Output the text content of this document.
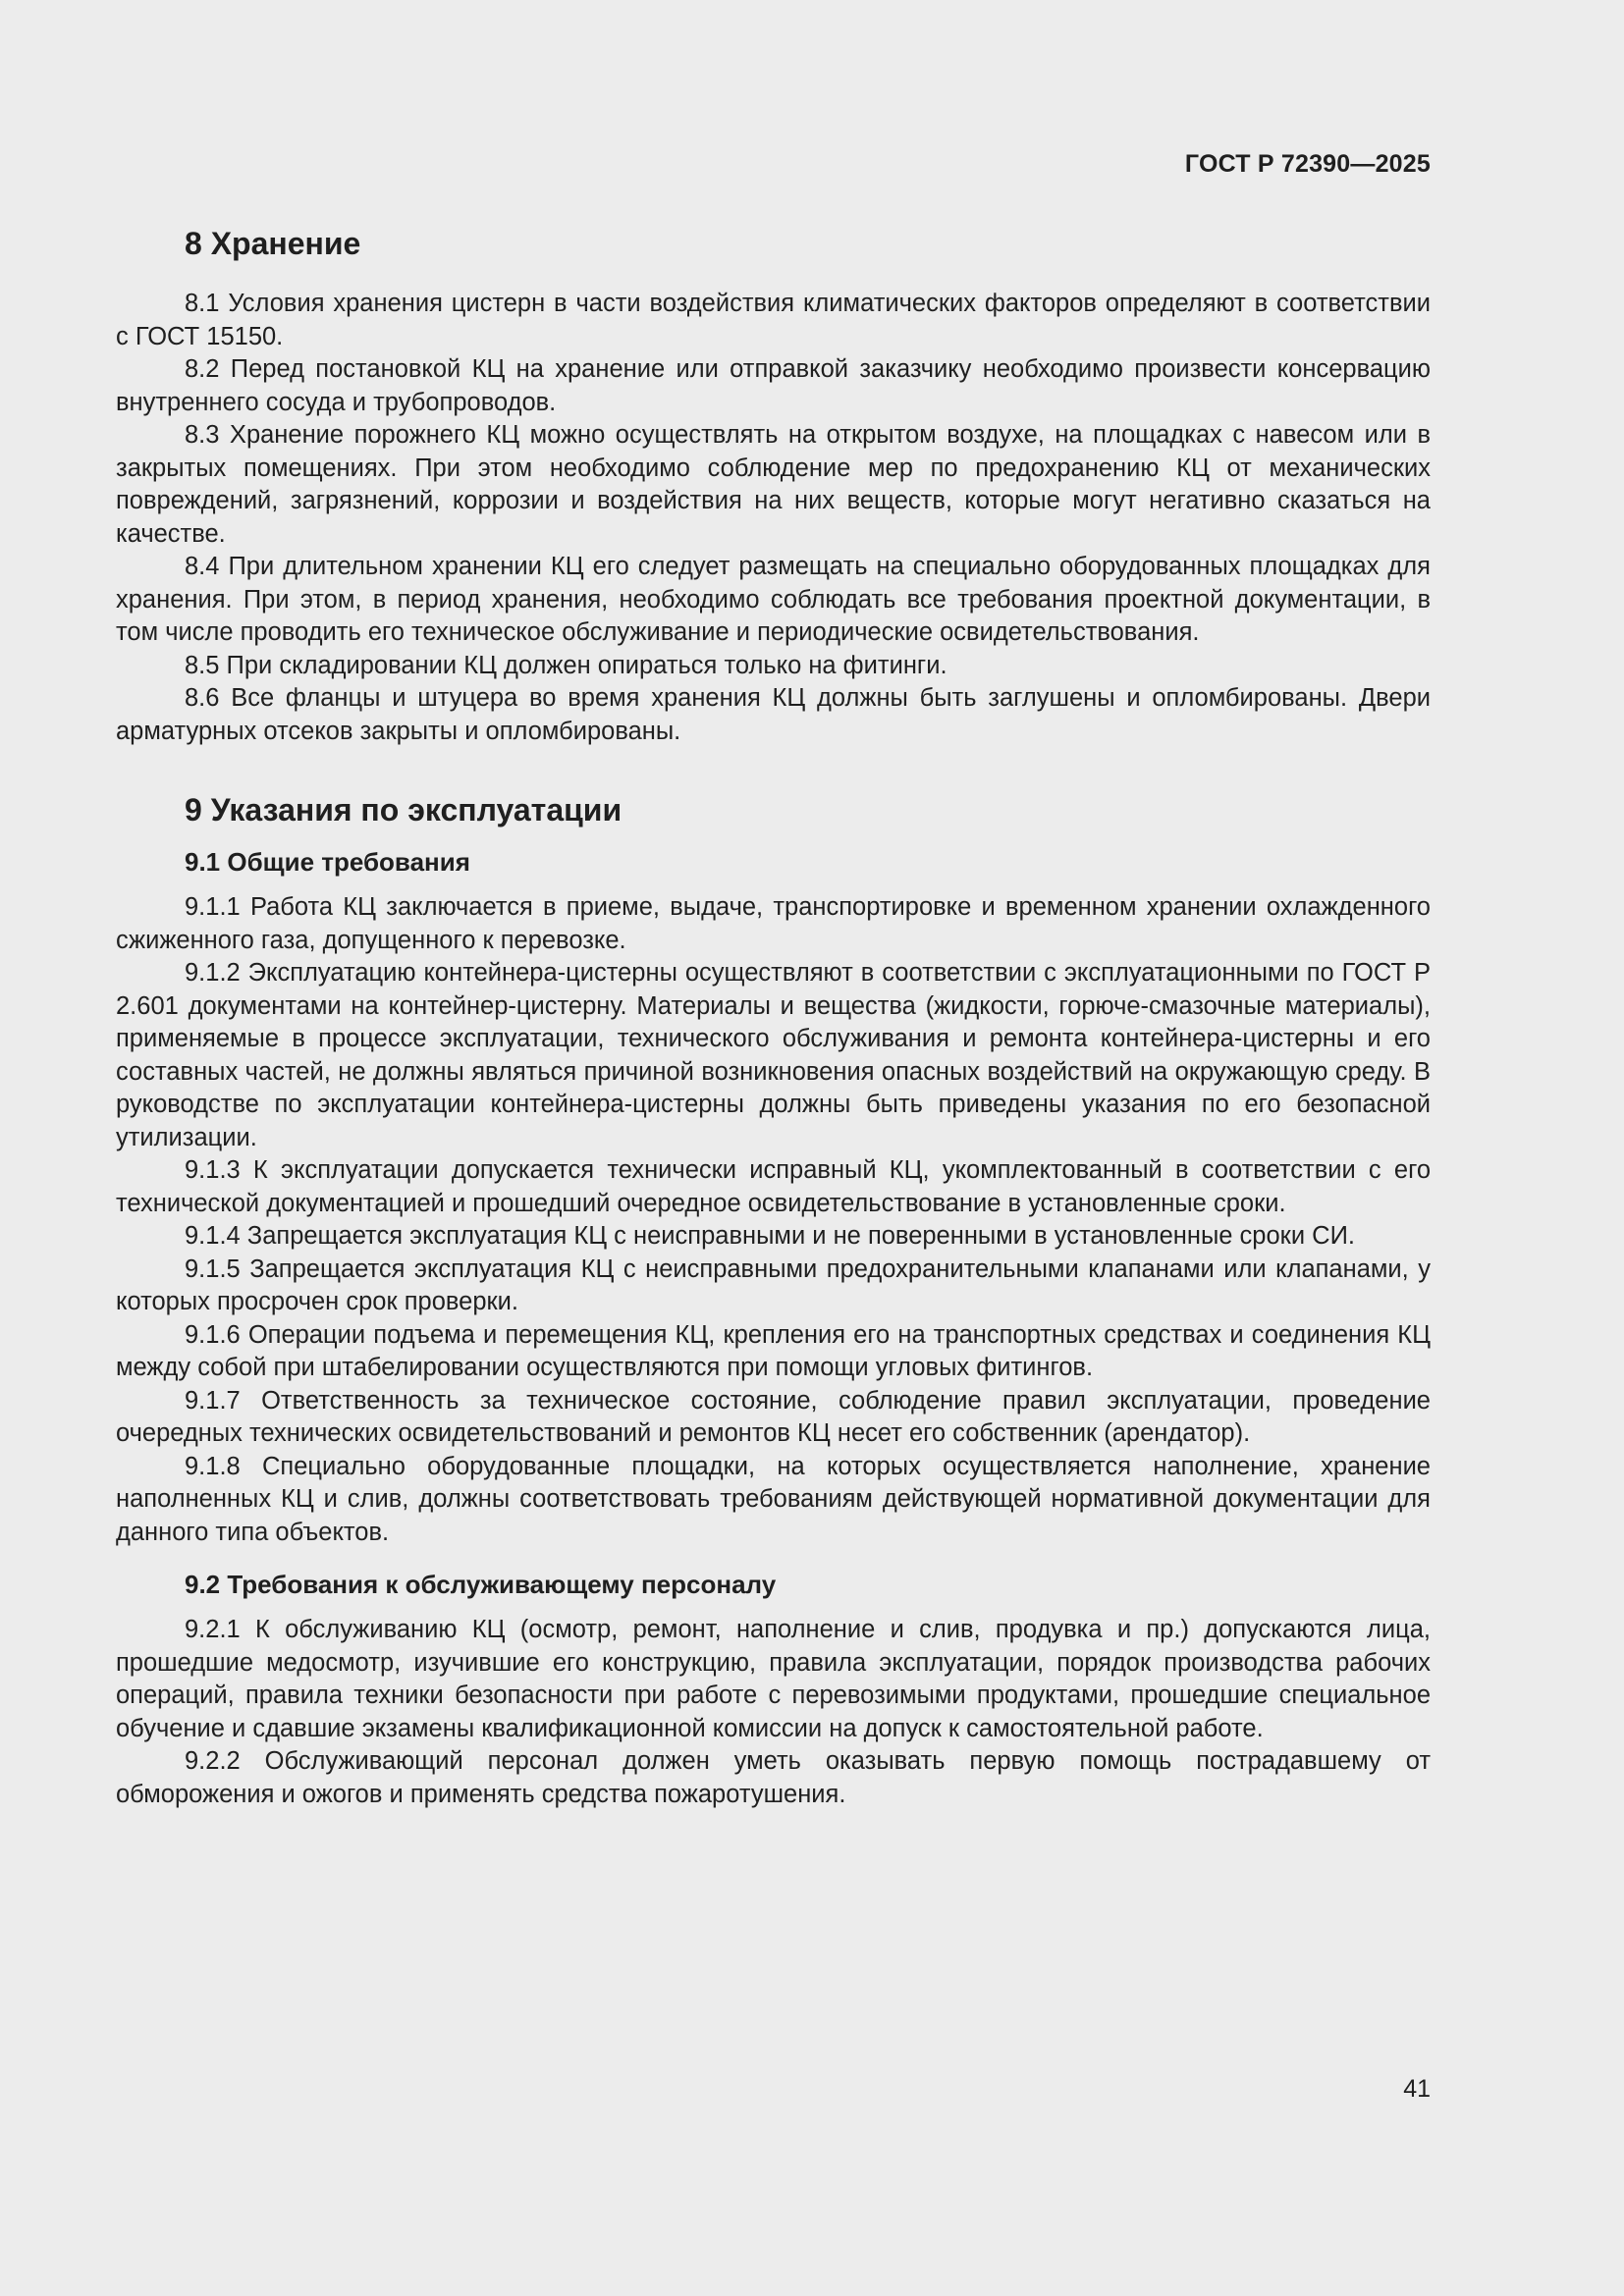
ГОСТ Р 72390—2025
8 Хранение

8.1 Условия хранения цистерн в части воздействия климатических факторов определяют в соответствии с ГОСТ 15150.

8.2 Перед постановкой КЦ на хранение или отправкой заказчику необходимо произвести консервацию внутреннего сосуда и трубопроводов.

8.3 Хранение порожнего КЦ можно осуществлять на открытом воздухе, на площадках с навесом или в закрытых помещениях. При этом необходимо соблюдение мер по предохранению КЦ от механических повреждений, загрязнений, коррозии и воздействия на них веществ, которые могут негативно сказаться на качестве.

8.4 При длительном хранении КЦ его следует размещать на специально оборудованных площадках для хранения. При этом, в период хранения, необходимо соблюдать все требования проектной документации, в том числе проводить его техническое обслуживание и периодические освидетельствования.

8.5 При складировании КЦ должен опираться только на фитинги.

8.6 Все фланцы и штуцера во время хранения КЦ должны быть заглушены и опломбированы. Двери арматурных отсеков закрыты и опломбированы.

9 Указания по эксплуатации
9.1 Общие требования

9.1.1 Работа КЦ заключается в приеме, выдаче, транспортировке и временном хранении охлажденного сжиженного газа, допущенного к перевозке.

9.1.2 Эксплуатацию контейнера-цистерны осуществляют в соответствии с эксплуатационными по ГОСТ Р 2.601 документами на контейнер-цистерну. Материалы и вещества (жидкости, горюче-смазочные материалы), применяемые в процессе эксплуатации, технического обслуживания и ремонта контейнера-цистерны и его составных частей, не должны являться причиной возникновения опасных воздействий на окружающую среду. В руководстве по эксплуатации контейнера-цистерны должны быть приведены указания по его безопасной утилизации.

9.1.3 К эксплуатации допускается технически исправный КЦ, укомплектованный в соответствии с его технической документацией и прошедший очередное освидетельствование в установленные сроки.

9.1.4 Запрещается эксплуатация КЦ с неисправными и не поверенными в установленные сроки СИ.

9.1.5 Запрещается эксплуатация КЦ с неисправными предохранительными клапанами или клапанами, у которых просрочен срок проверки.

9.1.6 Операции подъема и перемещения КЦ, крепления его на транспортных средствах и соединения КЦ между собой при штабелировании осуществляются при помощи угловых фитингов.

9.1.7 Ответственность за техническое состояние, соблюдение правил эксплуатации, проведение очередных технических освидетельствований и ремонтов КЦ несет его собственник (арендатор).

9.1.8 Специально оборудованные площадки, на которых осуществляется наполнение, хранение наполненных КЦ и слив, должны соответствовать требованиям действующей нормативной документации для данного типа объектов.

9.2 Требования к обслуживающему персоналу

9.2.1 К обслуживанию КЦ (осмотр, ремонт, наполнение и слив, продувка и пр.) допускаются лица, прошедшие медосмотр, изучившие его конструкцию, правила эксплуатации, порядок производства рабочих операций, правила техники безопасности при работе с перевозимыми продуктами, прошедшие специальное обучение и сдавшие экзамены квалификационной комиссии на допуск к самостоятельной работе.

9.2.2 Обслуживающий персонал должен уметь оказывать первую помощь пострадавшему от обморожения и ожогов и применять средства пожаротушения.

41
